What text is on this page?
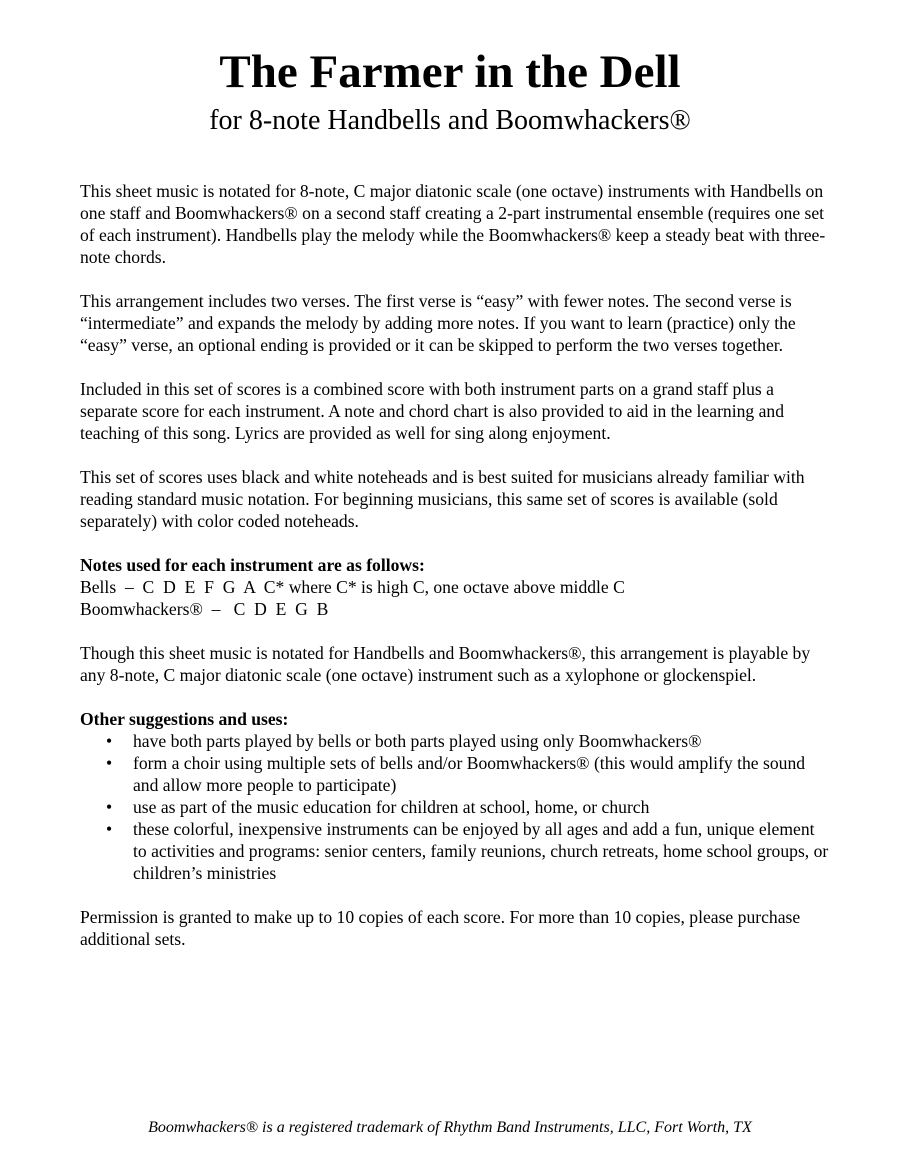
The Farmer in the Dell
for 8-note Handbells and Boomwhackers®

This sheet music is notated for 8-note, C major diatonic scale (one octave) instruments with Handbells on one staff and Boomwhackers® on a second staff creating a 2-part instrumental ensemble (requires one set of each instrument). Handbells play the melody while the Boomwhackers® keep a steady beat with three-note chords.

This arrangement includes two verses. The first verse is “easy” with fewer notes. The second verse is “intermediate” and expands the melody by adding more notes. If you want to learn (practice) only the “easy” verse, an optional ending is provided or it can be skipped to perform the two verses together.

Included in this set of scores is a combined score with both instrument parts on a grand staff plus a separate score for each instrument. A note and chord chart is also provided to aid in the learning and teaching of this song. Lyrics are provided as well for sing along enjoyment.

This set of scores uses black and white noteheads and is best suited for musicians already familiar with reading standard music notation. For beginning musicians, this same set of scores is available (sold separately) with color coded noteheads.

Notes used for each instrument are as follows:
Bells  –  C  D  E  F  G  A  C* where C* is high C, one octave above middle C
Boomwhackers®  –   C  D  E  G  B

Though this sheet music is notated for Handbells and Boomwhackers®, this arrangement is playable by any 8-note, C major diatonic scale (one octave) instrument such as a xylophone or glockenspiel.

Other suggestions and uses:
• have both parts played by bells or both parts played using only Boomwhackers®
• form a choir using multiple sets of bells and/or Boomwhackers® (this would amplify the sound and allow more people to participate)
• use as part of the music education for children at school, home, or church
• these colorful, inexpensive instruments can be enjoyed by all ages and add a fun, unique element to activities and programs: senior centers, family reunions, church retreats, home school groups, or children’s ministries

Permission is granted to make up to 10 copies of each score. For more than 10 copies, please purchase additional sets.

Boomwhackers® is a registered trademark of Rhythm Band Instruments, LLC, Fort Worth, TX
